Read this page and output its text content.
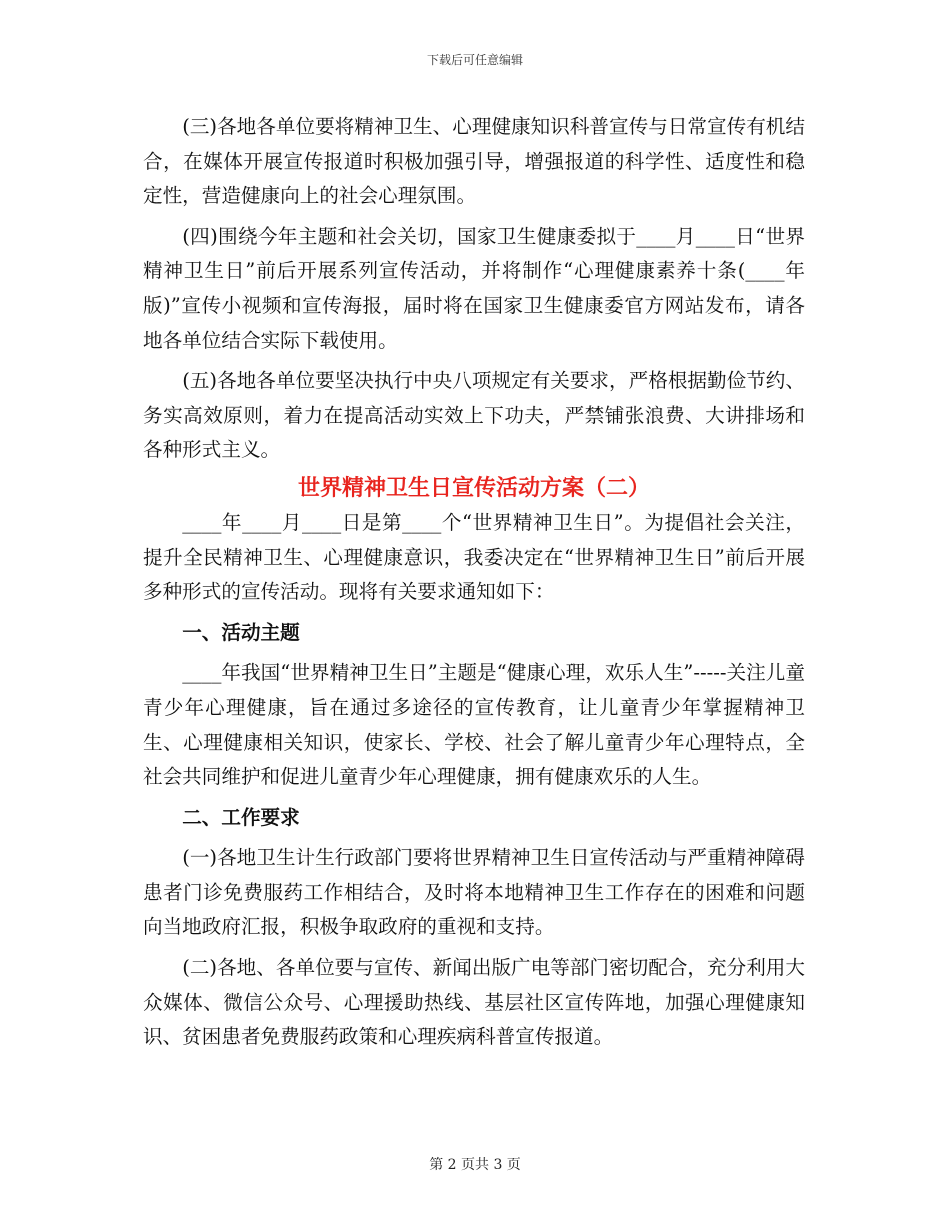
下载后可任意编辑

(三)各地各单位要将精神卫生、心理健康知识科普宣传与日常宣传有机结合，在媒体开展宣传报道时积极加强引导，增强报道的科学性、适度性和稳定性，营造健康向上的社会心理氛围。

(四)围绕今年主题和社会关切，国家卫生健康委拟于____月____日“世界精神卫生日”前后开展系列宣传活动，并将制作“心理健康素养十条(____年版)”宣传小视频和宣传海报，届时将在国家卫生健康委官方网站发布，请各地各单位结合实际下载使用。

(五)各地各单位要坚决执行中央八项规定有关要求，严格根据勤俭节约、务实高效原则，着力在提高活动实效上下功夫，严禁铺张浪费、大讲排场和各种形式主义。

世界精神卫生日宣传活动方案（二）

____年____月____日是第____个“世界精神卫生日”。为提倡社会关注，提升全民精神卫生、心理健康意识，我委决定在“世界精神卫生日”前后开展多种形式的宣传活动。现将有关要求通知如下：

一、活动主题

____年我国“世界精神卫生日”主题是“健康心理，欢乐人生”-----关注儿童青少年心理健康，旨在通过多途径的宣传教育，让儿童青少年掌握精神卫生、心理健康相关知识，使家长、学校、社会了解儿童青少年心理特点，全社会共同维护和促进儿童青少年心理健康，拥有健康欢乐的人生。

二、工作要求

(一)各地卫生计生行政部门要将世界精神卫生日宣传活动与严重精神障碍患者门诊免费服药工作相结合，及时将本地精神卫生工作存在的困难和问题向当地政府汇报，积极争取政府的重视和支持。

(二)各地、各单位要与宣传、新闻出版广电等部门密切配合，充分利用大众媒体、微信公众号、心理援助热线、基层社区宣传阵地，加强心理健康知识、贫困患者免费服药政策和心理疾病科普宣传报道。

第 2 页共 3 页
